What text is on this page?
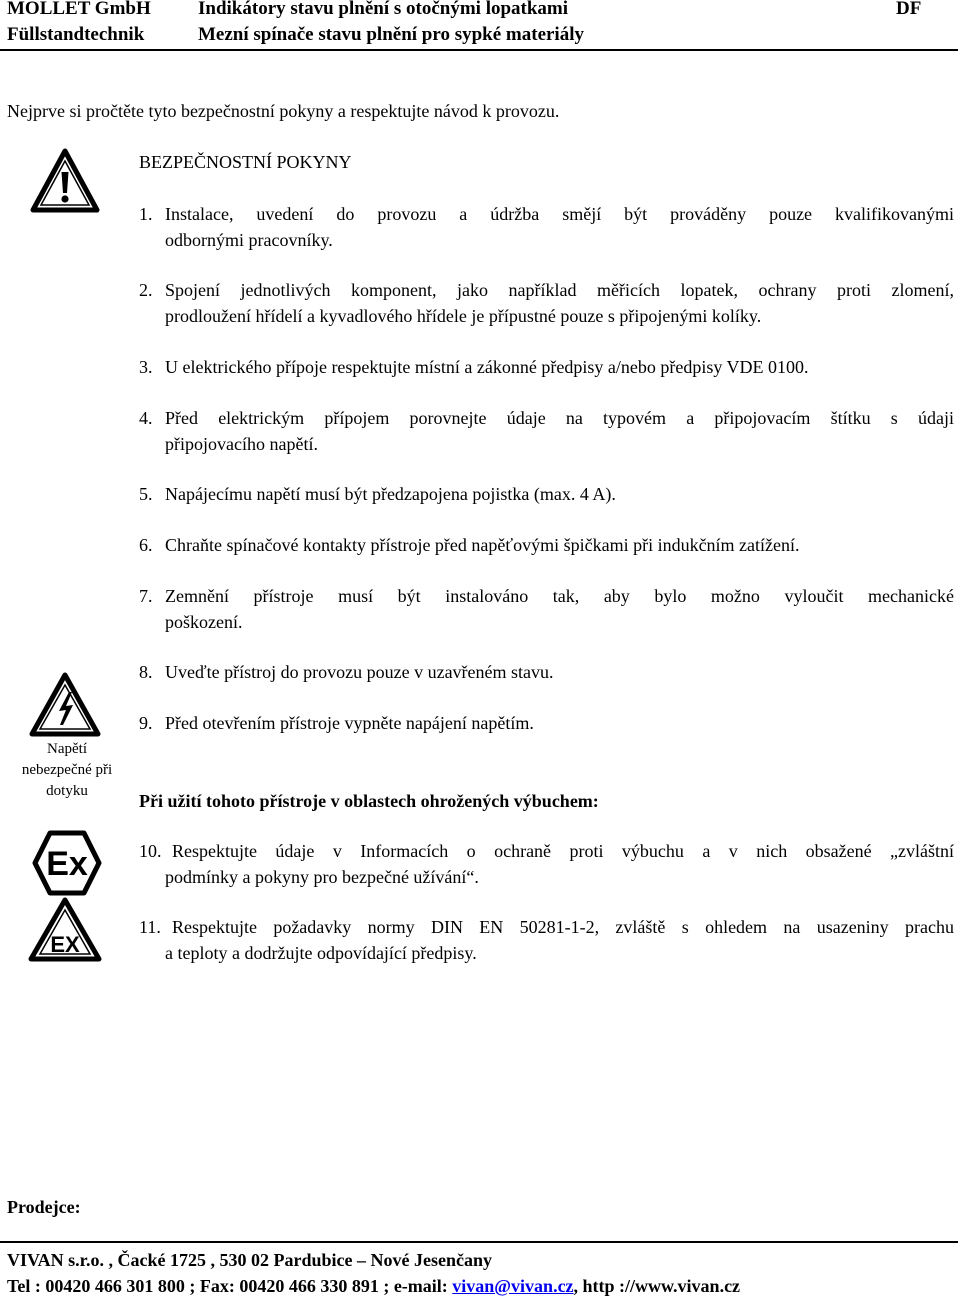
MOLLET GmbH
Füllstandtechnik
Indikátory stavu plnění s otočnými lopatkami
Mezní spínače stavu plnění pro sypké materiály
DF
Nejprve si pročtěte tyto bezpečnostní pokyny a respektujte návod k provozu.
BEZPEČNOSTNÍ POKYNY
1. Instalace, uvedení do provozu a údržba smějí být prováděny pouze kvalifikovanými
odbornými pracovníky.
2. Spojení jednotlivých komponent, jako například měřicích lopatek, ochrany proti zlomení,
prodloužení hřídelí a kyvadlového hřídele je přípustné pouze s připojenými kolíky.
3. U elektrického přípoje respektujte místní a zákonné předpisy a/nebo předpisy VDE 0100.
4. Před elektrickým přípojem porovnejte údaje na typovém a připojovacím štítku s údaji
připojovacího napětí.
5. Napájecímu napětí musí být předzapojena pojistka (max. 4 A).
6. Chraňte spínačové kontakty přístroje před napěťovými špičkami při indukčním zatížení.
7. Zemnění přístroje musí být instalováno tak, aby bylo možno vyloučit mechanické
poškození.
8. Uveďte přístroj do provozu pouze v uzavřeném stavu.
9. Před otevřením přístroje vypněte napájení napětím.
Napětí
nebezpečné při
dotyku
Ex
EX
Při užití tohoto přístroje v oblastech ohrožených výbuchem:
10. Respektujte údaje v Informacích o ochraně proti výbuchu a v nich obsažené „zvláštní
podmínky a pokyny pro bezpečné užívání“.
11. Respektujte požadavky normy DIN EN 50281-1-2, zvláště s ohledem na usazeniny prachu
a teploty a dodržujte odpovídající předpisy.
Prodejce:
VIVAN s.r.o. , Čacké 1725 , 530 02 Pardubice – Nové Jesenčany
Tel : 00420 466 301 800 ; Fax: 00420 466 330 891 ; e-mail: vivan@vivan.cz, http ://www.vivan.cz
